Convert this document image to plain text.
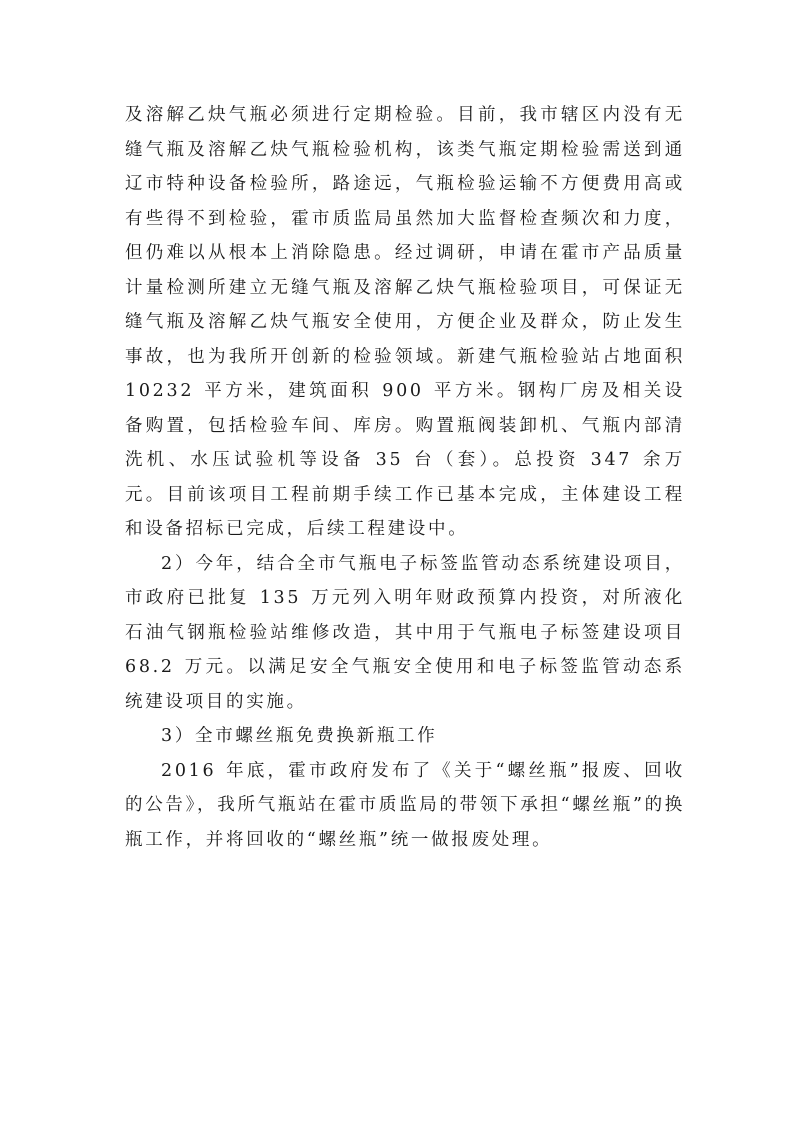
及溶解乙炔气瓶必须进行定期检验。目前，我市辖区内没有无缝气瓶及溶解乙炔气瓶检验机构，该类气瓶定期检验需送到通辽市特种设备检验所，路途远，气瓶检验运输不方便费用高或有些得不到检验，霍市质监局虽然加大监督检查频次和力度，但仍难以从根本上消除隐患。经过调研，申请在霍市产品质量计量检测所建立无缝气瓶及溶解乙炔气瓶检验项目，可保证无缝气瓶及溶解乙炔气瓶安全使用，方便企业及群众，防止发生事故，也为我所开创新的检验领域。新建气瓶检验站占地面积 10232 平方米，建筑面积 900 平方米。钢构厂房及相关设备购置，包括检验车间、库房。购置瓶阀装卸机、气瓶内部清洗机、水压试验机等设备 35 台（套）。总投资 347 余万元。目前该项目工程前期手续工作已基本完成，主体建设工程和设备招标已完成，后续工程建设中。

2）今年，结合全市气瓶电子标签监管动态系统建设项目，市政府已批复 135 万元列入明年财政预算内投资，对所液化石油气钢瓶检验站维修改造，其中用于气瓶电子标签建设项目 68.2 万元。以满足安全气瓶安全使用和电子标签监管动态系统建设项目的实施。

3）全市螺丝瓶免费换新瓶工作

2016 年底，霍市政府发布了《关于“螺丝瓶”报废、回收的公告》，我所气瓶站在霍市质监局的带领下承担“螺丝瓶”的换瓶工作，并将回收的“螺丝瓶”统一做报废处理。
